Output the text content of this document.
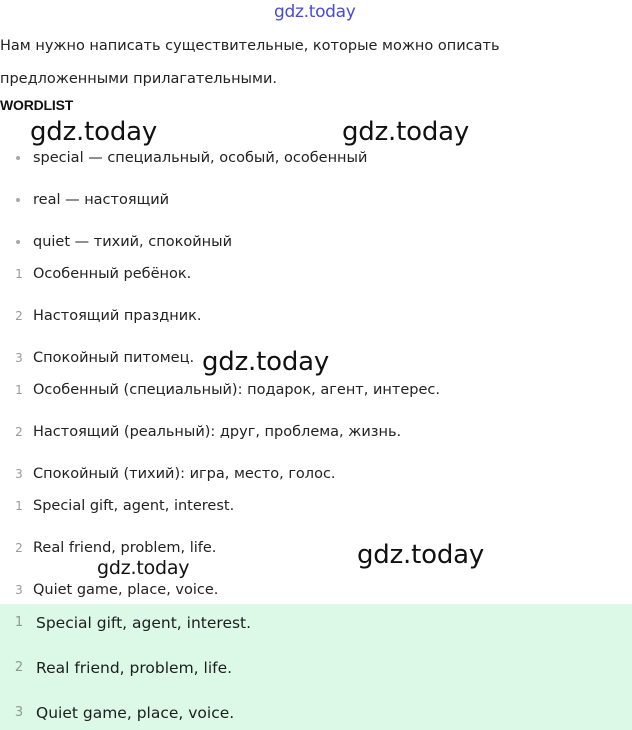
gdz.today

Нам нужно написать существительные, которые можно описать
предложенными прилагательными.

WORDLIST
special — специальный, особый, особенный
real — настоящий
quiet — тихий, спокойный
1 Особенный ребёнок.
2 Настоящий праздник.
3 Спокойный питомец.
1 Особенный (специальный): подарок, агент, интерес.
2 Настоящий (реальный): друг, проблема, жизнь.
3 Спокойный (тихий): игра, место, голос.
1 Special gift, agent, interest.
2 Real friend, problem, life.
3 Quiet game, place, voice.
1 Special gift, agent, interest.
2 Real friend, problem, life.
3 Quiet game, place, voice.
gdz.today	gdz.today
gdz.today
gdz.today
gdz.today
